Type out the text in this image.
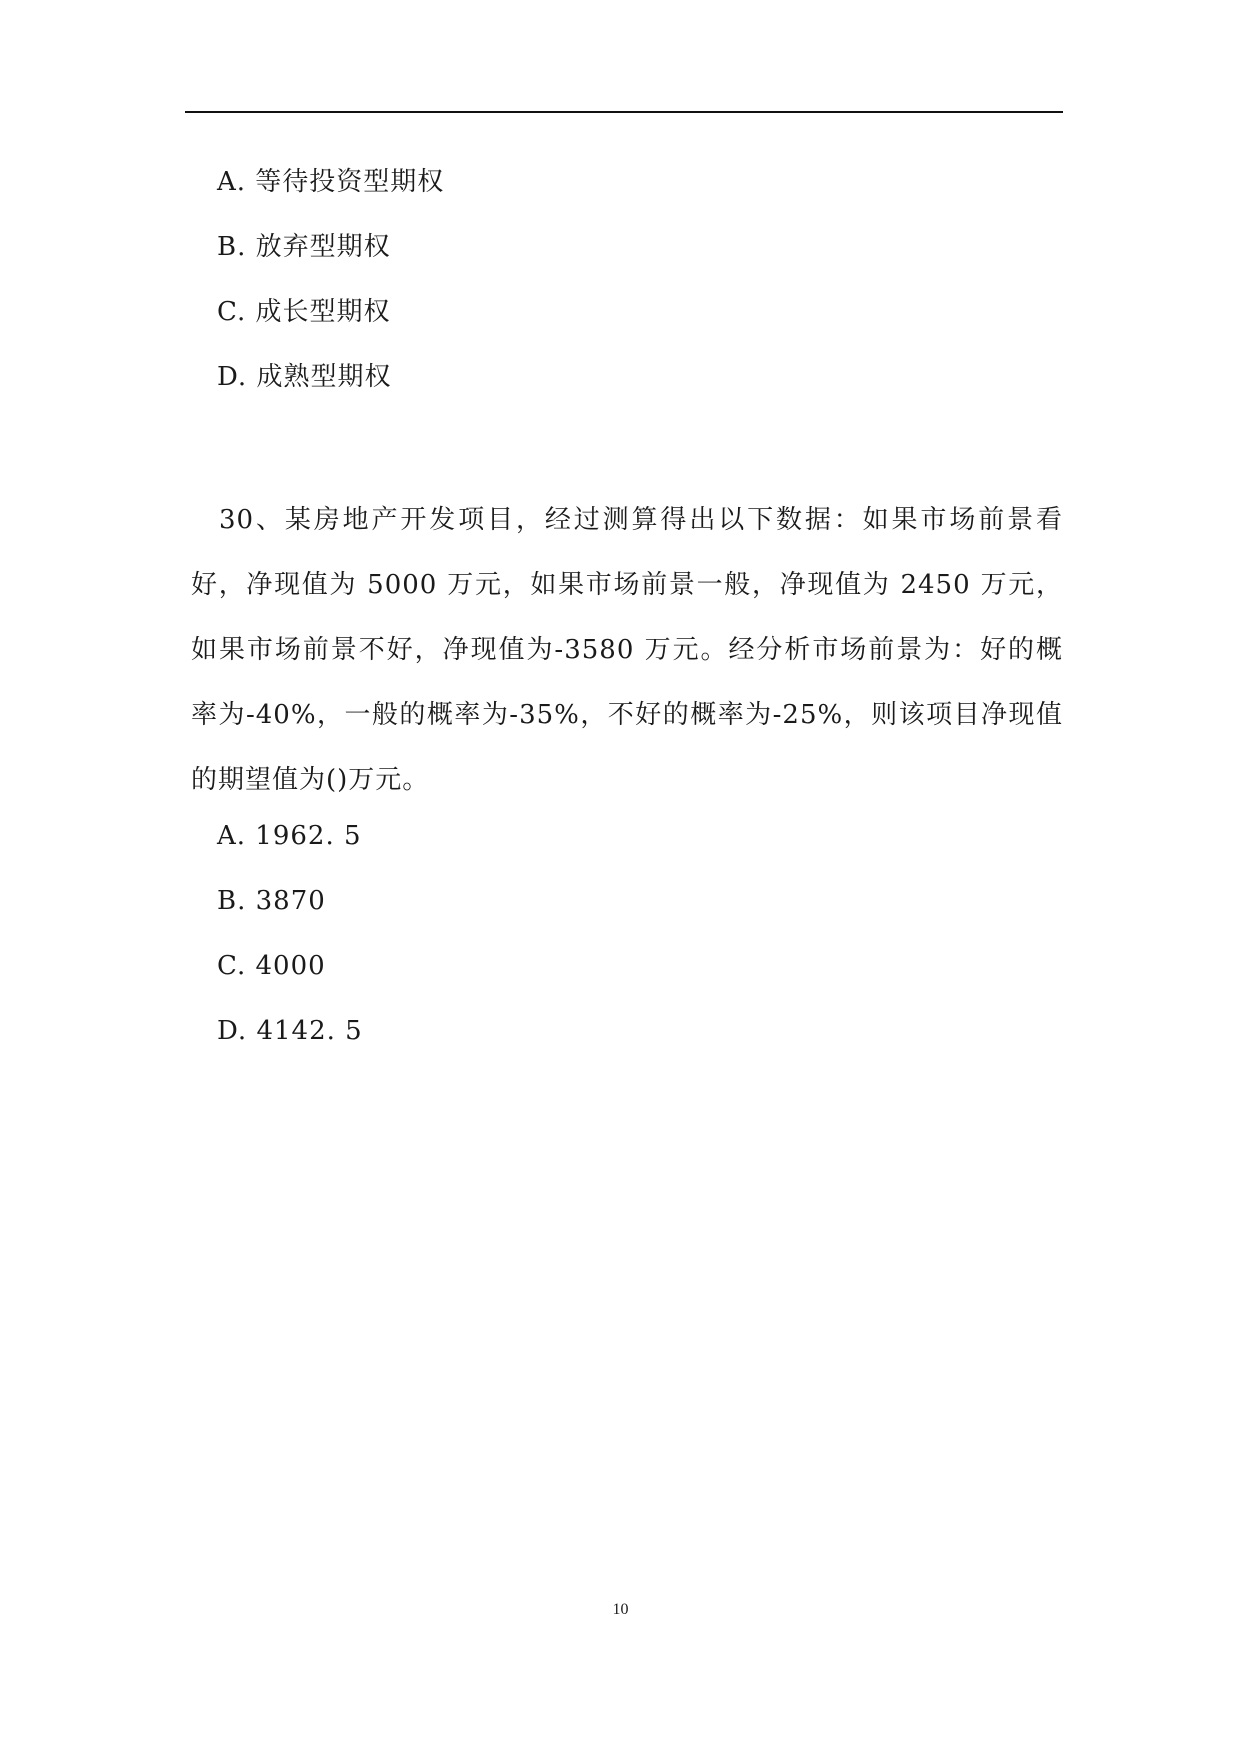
A. 等待投资型期权
B. 放弃型期权
C. 成长型期权
D. 成熟型期权
30、某房地产开发项目，经过测算得出以下数据：如果市场前景看好，净现值为 5000 万元，如果市场前景一般，净现值为 2450 万元，如果市场前景不好，净现值为-3580 万元。经分析市场前景为：好的概率为-40%，一般的概率为-35%，不好的概率为-25%，则该项目净现值的期望值为()万元。
A. 1962. 5
B. 3870
C. 4000
D. 4142. 5
10
